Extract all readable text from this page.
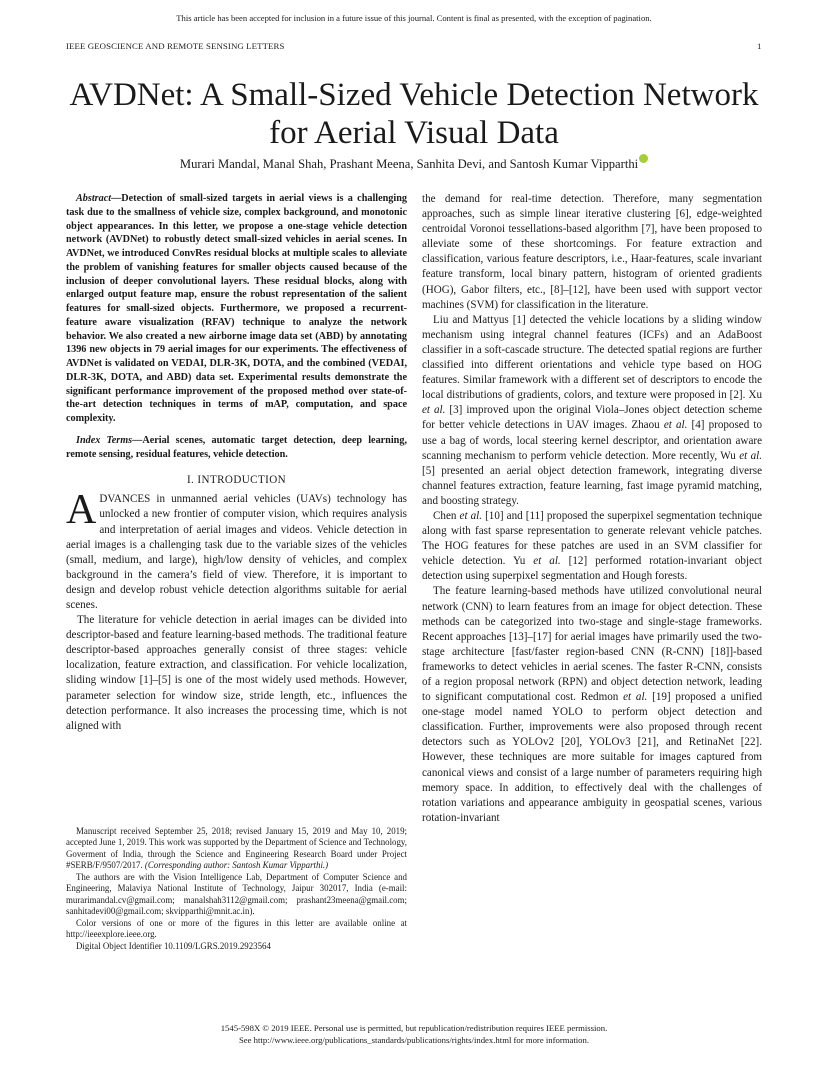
This article has been accepted for inclusion in a future issue of this journal. Content is final as presented, with the exception of pagination.
IEEE GEOSCIENCE AND REMOTE SENSING LETTERS	1
AVDNet: A Small-Sized Vehicle Detection Network
for Aerial Visual Data
Murari Mandal, Manal Shah, Prashant Meena, Sanhita Devi, and Santosh Kumar Vipparthi

Abstract—Detection of small-sized targets in aerial views is a challenging task due to the smallness of vehicle size, complex background, and monotonic object appearances. In this letter, we propose a one-stage vehicle detection network (AVDNet) to robustly detect small-sized vehicles in aerial scenes. In AVDNet, we introduced ConvRes residual blocks at multiple scales to alleviate the problem of vanishing features for smaller objects caused because of the inclusion of deeper convolutional layers. These residual blocks, along with enlarged output feature map, ensure the robust representation of the salient features for small-sized objects. Furthermore, we proposed a recurrent-feature aware visualization (RFAV) technique to analyze the network behavior. We also created a new airborne image data set (ABD) by annotating 1396 new objects in 79 aerial images for our experiments. The effectiveness of AVDNet is validated on VEDAI, DLR-3K, DOTA, and the combined (VEDAI, DLR-3K, DOTA, and ABD) data set. Experimental results demonstrate the significant performance improvement of the proposed method over state-of-the-art detection techniques in terms of mAP, computation, and space complexity.

Index Terms—Aerial scenes, automatic target detection, deep learning, remote sensing, residual features, vehicle detection.

I. INTRODUCTION

ADVANCES in unmanned aerial vehicles (UAVs) technology has unlocked a new frontier of computer vision, which requires analysis and interpretation of aerial images and videos. Vehicle detection in aerial images is a challenging task due to the variable sizes of the vehicles (small, medium, and large), high/low density of vehicles, and complex background in the camera’s field of view. Therefore, it is important to design and develop robust vehicle detection algorithms suitable for aerial scenes.

The literature for vehicle detection in aerial images can be divided into descriptor-based and feature learning-based methods. The traditional feature descriptor-based approaches generally consist of three stages: vehicle localization, feature extraction, and classification. For vehicle localization, sliding window [1]–[5] is one of the most widely used methods. However, parameter selection for window size, stride length, etc., influences the detection performance. It also increases the processing time, which is not aligned with

Manuscript received September 25, 2018; revised January 15, 2019 and May 10, 2019; accepted June 1, 2019. This work was supported by the Department of Science and Technology, Goverment of India, through the Science and Engineering Research Board under Project #SERB/F/9507/2017. (Corresponding author: Santosh Kumar Vipparthi.)

The authors are with the Vision Intelligence Lab, Department of Computer Science and Engineering, Malaviya National Institute of Technology, Jaipur 302017, India (e-mail: murarimandal.cv@gmail.com; manalshah3112@gmail.com; prashant23meena@gmail.com; sanhitadevi00@gmail.com; skvipparthi@mnit.ac.in).

Color versions of one or more of the figures in this letter are available online at http://ieeexplore.ieee.org.

Digital Object Identifier 10.1109/LGRS.2019.2923564

the demand for real-time detection. Therefore, many segmentation approaches, such as simple linear iterative clustering [6], edge-weighted centroidal Voronoi tessellations-based algorithm [7], have been proposed to alleviate some of these shortcomings. For feature extraction and classification, various feature descriptors, i.e., Haar-features, scale invariant feature transform, local binary pattern, histogram of oriented gradients (HOG), Gabor filters, etc., [8]–[12], have been used with support vector machines (SVM) for classification in the literature.

Liu and Mattyus [1] detected the vehicle locations by a sliding window mechanism using integral channel features (ICFs) and an AdaBoost classifier in a soft-cascade structure. The detected spatial regions are further classified into different orientations and vehicle type based on HOG features. Similar framework with a different set of descriptors to encode the local distributions of gradients, colors, and texture were proposed in [2]. Xu et al. [3] improved upon the original Viola–Jones object detection scheme for better vehicle detections in UAV images. Zhaou et al. [4] proposed to use a bag of words, local steering kernel descriptor, and orientation aware scanning mechanism to perform vehicle detection. More recently, Wu et al. [5] presented an aerial object detection framework, integrating diverse channel features extraction, feature learning, fast image pyramid matching, and boosting strategy.

Chen et al. [10] and [11] proposed the superpixel segmentation technique along with fast sparse representation to generate relevant vehicle patches. The HOG features for these patches are used in an SVM classifier for vehicle detection. Yu et al. [12] performed rotation-invariant object detection using superpixel segmentation and Hough forests.

The feature learning-based methods have utilized convolutional neural network (CNN) to learn features from an image for object detection. These methods can be categorized into two-stage and single-stage frameworks. Recent approaches [13]–[17] for aerial images have primarily used the two-stage architecture [fast/faster region-based CNN (R-CNN) [18]]-based frameworks to detect vehicles in aerial scenes. The faster R-CNN, consists of a region proposal network (RPN) and object detection network, leading to significant computational cost. Redmon et al. [19] proposed a unified one-stage model named YOLO to perform object detection and classification. Further, improvements were also proposed through recent detectors such as YOLOv2 [20], YOLOv3 [21], and RetinaNet [22]. However, these techniques are more suitable for images captured from canonical views and consist of a large number of parameters requiring high memory space. In addition, to effectively deal with the challenges of rotation variations and appearance ambiguity in geospatial scenes, various rotation-invariant

1545-598X © 2019 IEEE. Personal use is permitted, but republication/redistribution requires IEEE permission.
See http://www.ieee.org/publications_standards/publications/rights/index.html for more information.
